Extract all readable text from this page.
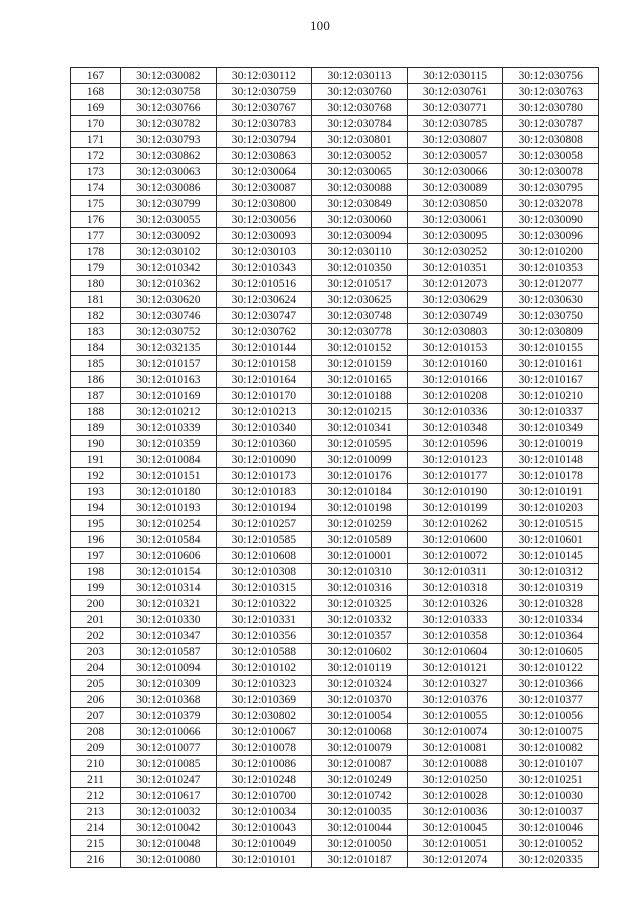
100
167	30:12:030082	30:12:030112	30:12:030113	30:12:030115	30:12:030756
168	30:12:030758	30:12:030759	30:12:030760	30:12:030761	30:12:030763
169	30:12:030766	30:12:030767	30:12:030768	30:12:030771	30:12:030780
170	30:12:030782	30:12:030783	30:12:030784	30:12:030785	30:12:030787
171	30:12:030793	30:12:030794	30:12:030801	30:12:030807	30:12:030808
172	30:12:030862	30:12:030863	30:12:030052	30:12:030057	30:12:030058
173	30:12:030063	30:12:030064	30:12:030065	30:12:030066	30:12:030078
174	30:12:030086	30:12:030087	30:12:030088	30:12:030089	30:12:030795
175	30:12:030799	30:12:030800	30:12:030849	30:12:030850	30:12:032078
176	30:12:030055	30:12:030056	30:12:030060	30:12:030061	30:12:030090
177	30:12:030092	30:12:030093	30:12:030094	30:12:030095	30:12:030096
178	30:12:030102	30:12:030103	30:12:030110	30:12:030252	30:12:010200
179	30:12:010342	30:12:010343	30:12:010350	30:12:010351	30:12:010353
180	30:12:010362	30:12:010516	30:12:010517	30:12:012073	30:12:012077
181	30:12:030620	30:12:030624	30:12:030625	30:12:030629	30:12:030630
182	30:12:030746	30:12:030747	30:12:030748	30:12:030749	30:12:030750
183	30:12:030752	30:12:030762	30:12:030778	30:12:030803	30:12:030809
184	30:12:032135	30:12:010144	30:12:010152	30:12:010153	30:12:010155
185	30:12:010157	30:12:010158	30:12:010159	30:12:010160	30:12:010161
186	30:12:010163	30:12:010164	30:12:010165	30:12:010166	30:12:010167
187	30:12:010169	30:12:010170	30:12:010188	30:12:010208	30:12:010210
188	30:12:010212	30:12:010213	30:12:010215	30:12:010336	30:12:010337
189	30:12:010339	30:12:010340	30:12:010341	30:12:010348	30:12:010349
190	30:12:010359	30:12:010360	30:12:010595	30:12:010596	30:12:010019
191	30:12:010084	30:12:010090	30:12:010099	30:12:010123	30:12:010148
192	30:12:010151	30:12:010173	30:12:010176	30:12:010177	30:12:010178
193	30:12:010180	30:12:010183	30:12:010184	30:12:010190	30:12:010191
194	30:12:010193	30:12:010194	30:12:010198	30:12:010199	30:12:010203
195	30:12:010254	30:12:010257	30:12:010259	30:12:010262	30:12:010515
196	30:12:010584	30:12:010585	30:12:010589	30:12:010600	30:12:010601
197	30:12:010606	30:12:010608	30:12:010001	30:12:010072	30:12:010145
198	30:12:010154	30:12:010308	30:12:010310	30:12:010311	30:12:010312
199	30:12:010314	30:12:010315	30:12:010316	30:12:010318	30:12:010319
200	30:12:010321	30:12:010322	30:12:010325	30:12:010326	30:12:010328
201	30:12:010330	30:12:010331	30:12:010332	30:12:010333	30:12:010334
202	30:12:010347	30:12:010356	30:12:010357	30:12:010358	30:12:010364
203	30:12:010587	30:12:010588	30:12:010602	30:12:010604	30:12:010605
204	30:12:010094	30:12:010102	30:12:010119	30:12:010121	30:12:010122
205	30:12:010309	30:12:010323	30:12:010324	30:12:010327	30:12:010366
206	30:12:010368	30:12:010369	30:12:010370	30:12:010376	30:12:010377
207	30:12:010379	30:12:030802	30:12:010054	30:12:010055	30:12:010056
208	30:12:010066	30:12:010067	30:12:010068	30:12:010074	30:12:010075
209	30:12:010077	30:12:010078	30:12:010079	30:12:010081	30:12:010082
210	30:12:010085	30:12:010086	30:12:010087	30:12:010088	30:12:010107
211	30:12:010247	30:12:010248	30:12:010249	30:12:010250	30:12:010251
212	30:12:010617	30:12:010700	30:12:010742	30:12:010028	30:12:010030
213	30:12:010032	30:12:010034	30:12:010035	30:12:010036	30:12:010037
214	30:12:010042	30:12:010043	30:12:010044	30:12:010045	30:12:010046
215	30:12:010048	30:12:010049	30:12:010050	30:12:010051	30:12:010052
216	30:12:010080	30:12:010101	30:12:010187	30:12:012074	30:12:020335
